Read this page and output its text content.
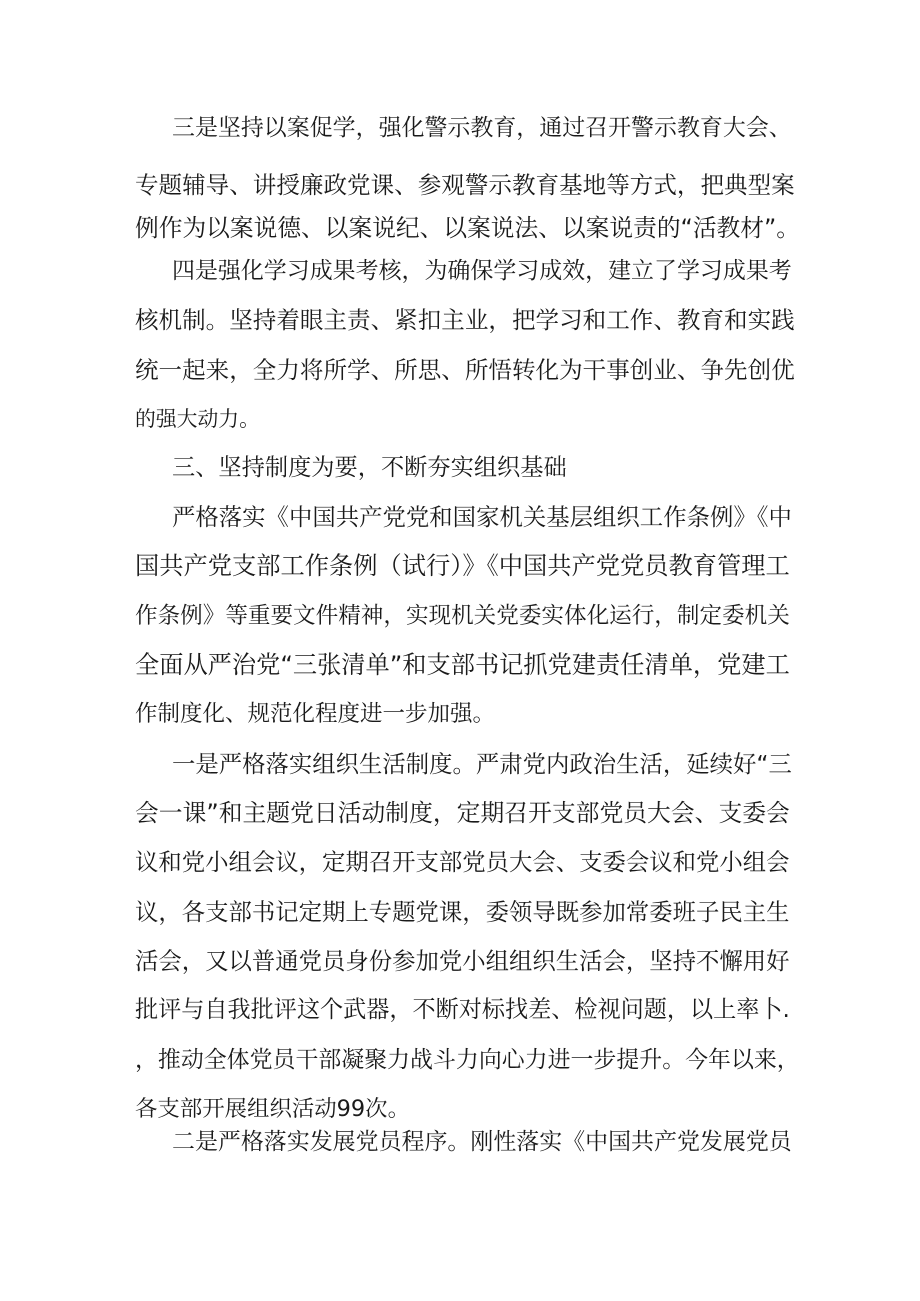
三是坚持以案促学，强化警示教育，通过召开警示教育大会、
专题辅导、讲授廉政党课、参观警示教育基地等方式，把典型案
例作为以案说德、以案说纪、以案说法、以案说责的“活教材”。
四是强化学习成果考核，为确保学习成效，建立了学习成果考
核机制。坚持着眼主责、紧扣主业，把学习和工作、教育和实践
统一起来，全力将所学、所思、所悟转化为干事创业、争先创优
的强大动力。
三、坚持制度为要，不断夯实组织基础
严格落实《中国共产党党和国家机关基层组织工作条例》《中
国共产党支部工作条例（试行）》《中国共产党党员教育管理工
作条例》等重要文件精神，实现机关党委实体化运行，制定委机关
全面从严治党“三张清单”和支部书记抓党建责任清单，党建工
作制度化、规范化程度进一步加强。
一是严格落实组织生活制度。严肃党内政治生活，延续好“三
会一课”和主题党日活动制度，定期召开支部党员大会、支委会
议和党小组会议，定期召开支部党员大会、支委会议和党小组会
议，各支部书记定期上专题党课，委领导既参加常委班子民主生
活会，又以普通党员身份参加党小组组织生活会，坚持不懈用好
批评与自我批评这个武器，不断对标找差、检视问题，以上率卜.
，推动全体党员干部凝聚力战斗力向心力进一步提升。今年以来，
各支部开展组织活动99次。
二是严格落实发展党员程序。刚性落实《中国共产党发展党员
